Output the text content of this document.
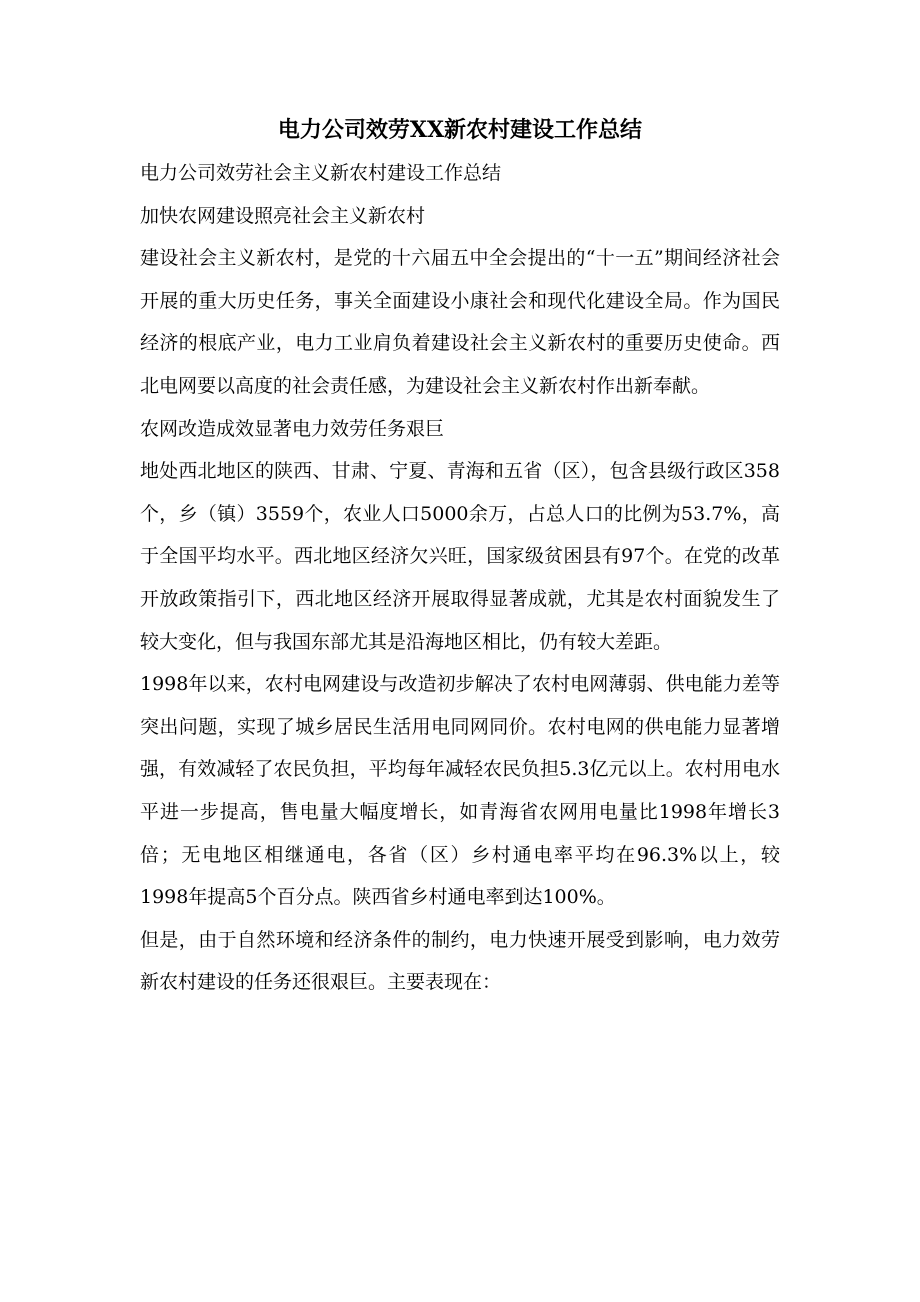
电力公司效劳XX新农村建设工作总结

电力公司效劳社会主义新农村建设工作总结

加快农网建设照亮社会主义新农村

建设社会主义新农村，是党的十六届五中全会提出的“十一五”期间经济社会开展的重大历史任务，事关全面建设小康社会和现代化建设全局。作为国民经济的根底产业，电力工业肩负着建设社会主义新农村的重要历史使命。西北电网要以高度的社会责任感，为建设社会主义新农村作出新奉献。

农网改造成效显著电力效劳任务艰巨

地处西北地区的陕西、甘肃、宁夏、青海和五省（区），包含县级行政区358个，乡（镇）3559个，农业人口5000余万，占总人口的比例为53.7%，高于全国平均水平。西北地区经济欠兴旺，国家级贫困县有97个。在党的改革开放政策指引下，西北地区经济开展取得显著成就，尤其是农村面貌发生了较大变化，但与我国东部尤其是沿海地区相比，仍有较大差距。

1998年以来，农村电网建设与改造初步解决了农村电网薄弱、供电能力差等突出问题，实现了城乡居民生活用电同网同价。农村电网的供电能力显著增强，有效减轻了农民负担，平均每年减轻农民负担5.3亿元以上。农村用电水平进一步提高，售电量大幅度增长，如青海省农网用电量比1998年增长3倍；无电地区相继通电，各省（区）乡村通电率平均在96.3%以上，较1998年提高5个百分点。陕西省乡村通电率到达100%。

但是，由于自然环境和经济条件的制约，电力快速开展受到影响，电力效劳新农村建设的任务还很艰巨。主要表现在：
